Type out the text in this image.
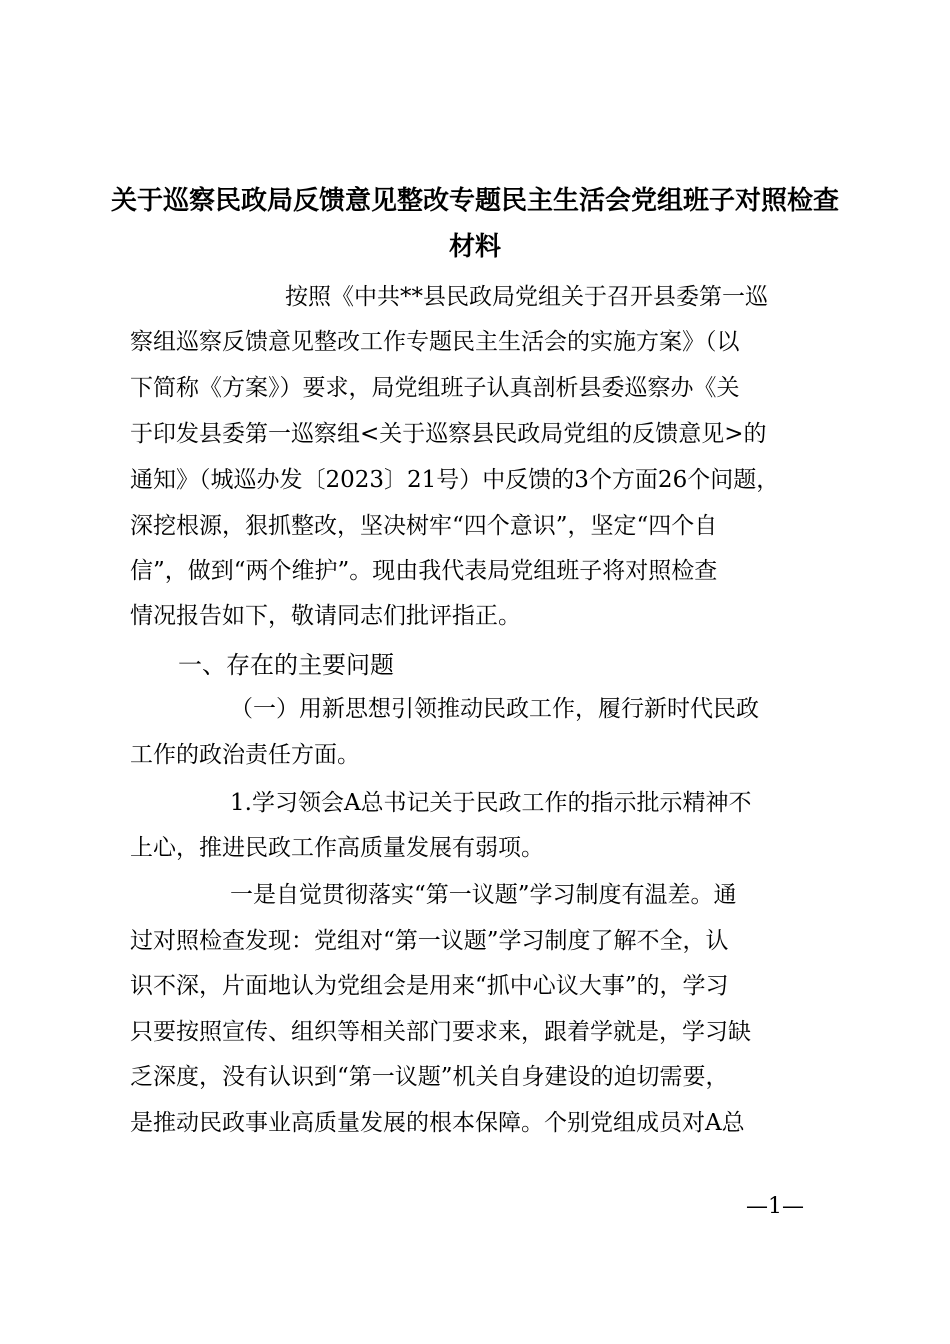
关于巡察民政局反馈意见整改专题民主生活会党组班子对照检查
材料
按照《中共**县民政局党组关于召开县委第一巡
察组巡察反馈意见整改工作专题民主生活会的实施方案》（以
下简称《方案》）要求，局党组班子认真剖析县委巡察办《关
于印发县委第一巡察组<关于巡察县民政局党组的反馈意见>的
通知》（城巡办发〔2023〕21号）中反馈的3个方面26个问题，
深挖根源，狠抓整改，坚决树牢“四个意识”，坚定“四个自
信”，做到“两个维护”。现由我代表局党组班子将对照检查
情况报告如下，敬请同志们批评指正。
一、存在的主要问题
（一）用新思想引领推动民政工作，履行新时代民政
工作的政治责任方面。
1.学习领会A总书记关于民政工作的指示批示精神不
上心，推进民政工作高质量发展有弱项。
一是自觉贯彻落实“第一议题”学习制度有温差。通
过对照检查发现：党组对“第一议题”学习制度了解不全，认
识不深，片面地认为党组会是用来“抓中心议大事”的，学习
只要按照宣传、组织等相关部门要求来，跟着学就是，学习缺
乏深度，没有认识到“第一议题”机关自身建设的迫切需要，
是推动民政事业高质量发展的根本保障。个别党组成员对A总
—1—
